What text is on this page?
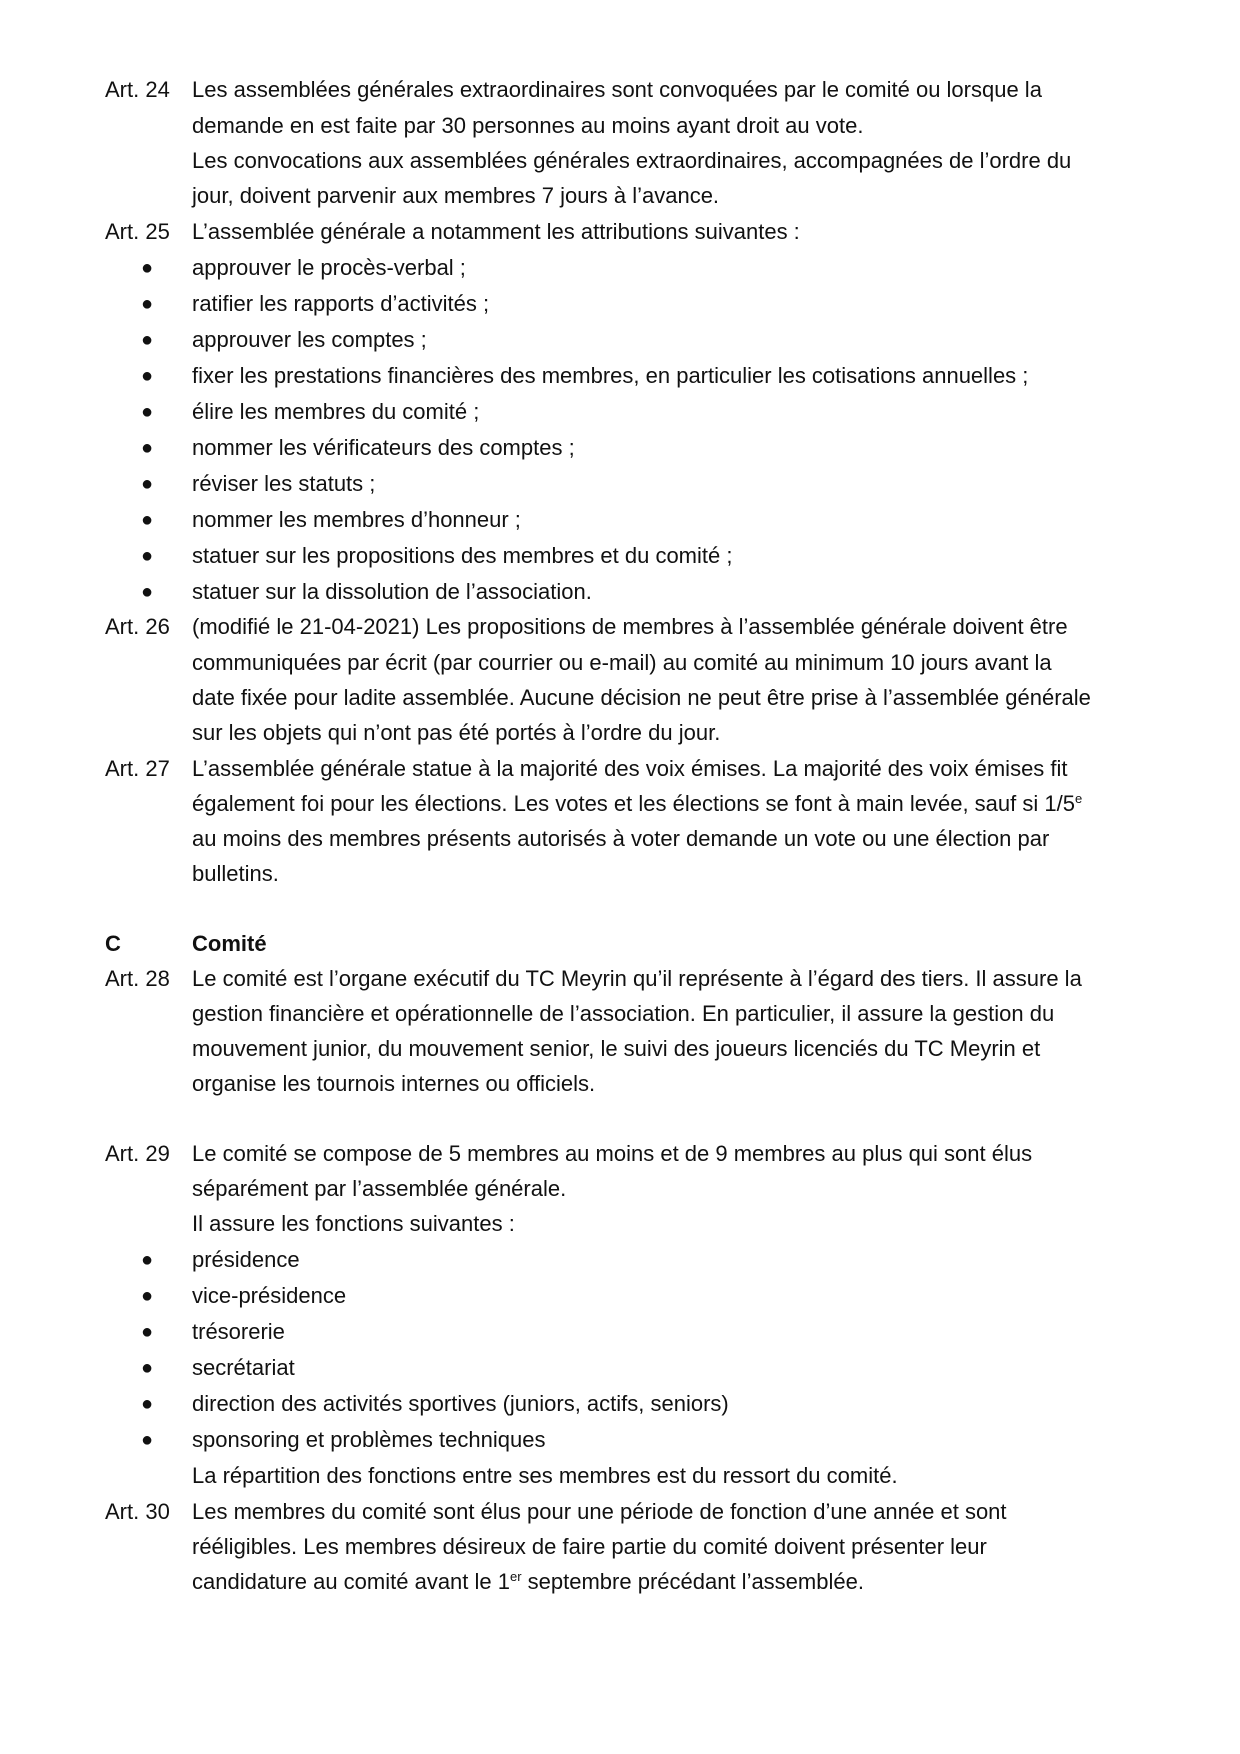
Art. 24 Les assemblées générales extraordinaires sont convoquées par le comité ou lorsque la
demande en est faite par 30 personnes au moins ayant droit au vote.
Les convocations aux assemblées générales extraordinaires, accompagnées de l’ordre du
jour, doivent parvenir aux membres 7 jours à l’avance.
Art. 25 L’assemblée générale a notamment les attributions suivantes :
● approuver le procès-verbal ;
● ratifier les rapports d’activités ;
● approuver les comptes ;
● fixer les prestations financières des membres, en particulier les cotisations annuelles ;
● élire les membres du comité ;
● nommer les vérificateurs des comptes ;
● réviser les statuts ;
● nommer les membres d’honneur ;
● statuer sur les propositions des membres et du comité ;
● statuer sur la dissolution de l’association.
Art. 26 (modifié le 21-04-2021) Les propositions de membres à l’assemblée générale doivent être
communiquées par écrit (par courrier ou e-mail) au comité au minimum 10 jours avant la
date fixée pour ladite assemblée. Aucune décision ne peut être prise à l’assemblée générale
sur les objets qui n’ont pas été portés à l’ordre du jour.
Art. 27 L’assemblée générale statue à la majorité des voix émises. La majorité des voix émises fit
également foi pour les élections. Les votes et les élections se font à main levée, sauf si 1/5e
au moins des membres présents autorisés à voter demande un vote ou une élection par
bulletins.
C	Comité
Art. 28 Le comité est l’organe exécutif du TC Meyrin qu’il représente à l’égard des tiers. Il assure la
gestion financière et opérationnelle de l’association. En particulier, il assure la gestion du
mouvement junior, du mouvement senior, le suivi des joueurs licenciés du TC Meyrin et
organise les tournois internes ou officiels.
Art. 29 Le comité se compose de 5 membres au moins et de 9 membres au plus qui sont élus
séparément par l’assemblée générale.
Il assure les fonctions suivantes :
● présidence
● vice-présidence
● trésorerie
● secrétariat
● direction des activités sportives (juniors, actifs, seniors)
● sponsoring et problèmes techniques
La répartition des fonctions entre ses membres est du ressort du comité.
Art. 30 Les membres du comité sont élus pour une période de fonction d’une année et sont
rééligibles. Les membres désireux de faire partie du comité doivent présenter leur
candidature au comité avant le 1er septembre précédant l’assemblée.
